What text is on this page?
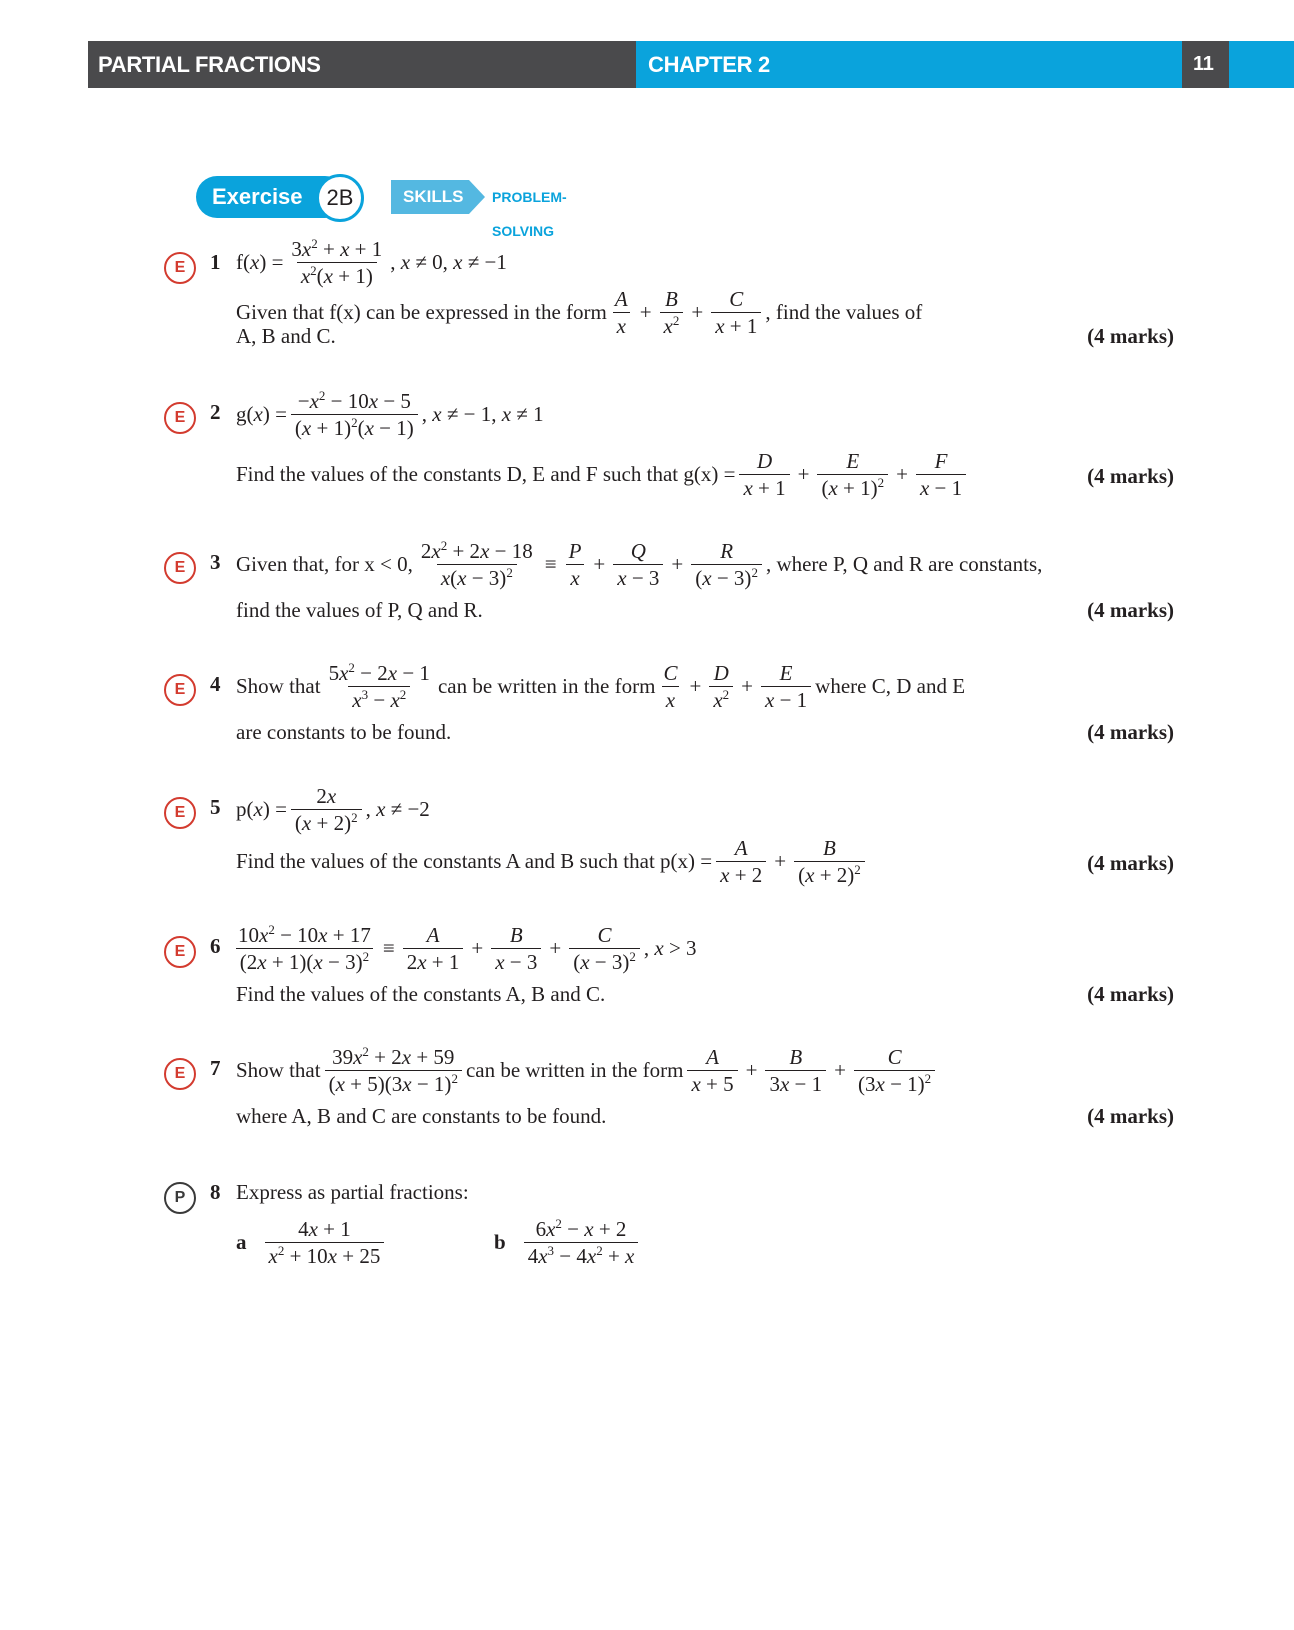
PARTIAL FRACTIONS	CHAPTER 2	11
Exercise	2B	SKILLS PROBLEM-SOLVING
E	1 $f(x) = \frac{3x^2 + x + 1}{x^2(x + 1)}$ , x ≠ 0, x ≠ −1
Given that f(x) can be expressed in the form $\frac{A}{x} + \frac{B}{x^2} + \frac{C}{x + 1}$ , find the values of
A, B and C.	(4 marks)
E	2 $g(x) = \frac{-x^2 - 10x - 5}{(x + 1)^2(x - 1)}$ , x ≠ − 1, x ≠ 1
Find the values of the constants D, E and F such that $g(x) = \frac{D}{x + 1} + \frac{E}{(x + 1)^2} + \frac{F}{x - 1}$	(4 marks)
E	3 Given that, for x < 0, $\frac{2x^2 + 2x - 18}{x(x - 3)^2} \equiv \frac{P}{x} + \frac{Q}{x - 3} + \frac{R}{(x - 3)^2}$ , where P, Q and R are constants,
find the values of P, Q and R.	(4 marks)
E	4 Show that $\frac{5x^2 - 2x - 1}{x^3 - x^2}$ can be written in the form $\frac{C}{x} + \frac{D}{x^2} + \frac{E}{x - 1}$ where C, D and E
are constants to be found.	(4 marks)
E	5 $p(x) = \frac{2x}{(x + 2)^2}$ , x ≠ −2
Find the values of the constants A and B such that $p(x) = \frac{A}{x + 2} + \frac{B}{(x + 2)^2}$	(4 marks)
E	$6 \frac{10x^2 - 10x + 17}{(2x + 1)(x - 3)^2} \equiv \frac{A}{2x + 1} + \frac{B}{x - 3} + \frac{C}{(x - 3)^2}$ , x > 3
Find the values of the constants A, B and C.	(4 marks)
E	7 Show that $\frac{39x^2 + 2x + 59}{(x + 5)(3x - 1)^2}$ can be written in the form $\frac{A}{x + 5} + \frac{B}{3x - 1} + \frac{C}{(3x - 1)^2}$
where A, B and C are constants to be found.	(4 marks)
P	8 Express as partial fractions:
a $\frac{4x + 1}{x^2 + 10x + 25}$	b $\frac{6x^2 - x + 2}{4x^3 - 4x^2 + x}$
